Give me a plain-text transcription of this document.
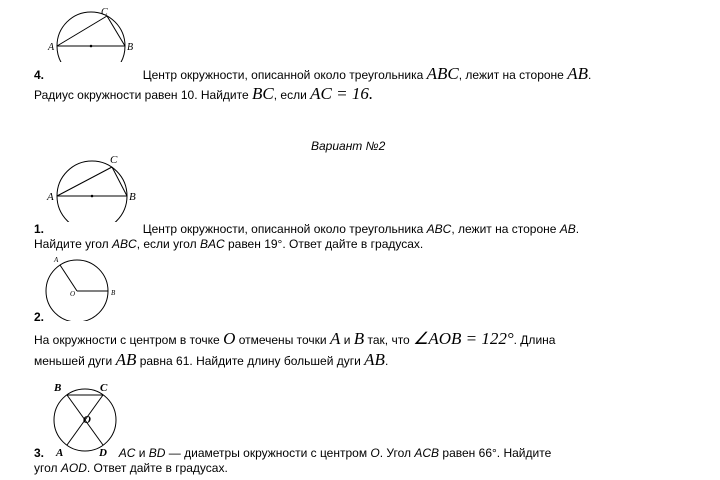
A	B
C
4.	Центр окружности, описанной около треугольника ABC, лежит на стороне AB.
Радиус окружности равен 10. Найдите BC, если AC = 16.
Вариант №2
A	B
C
1.	Центр окружности, описанной около треугольника ABC, лежит на стороне AB.
Найдите угол ABC, если угол BAC равен 19°. Ответ дайте в градусах.
A
O	B
2.
На окружности с центром в точке O отмечены точки A и B так, что ∠AOB = 122°. Длина
меньшей дуги AB равна 61. Найдите длину большей дуги AB.
B	C
O
A	D
3.	AC и BD — диаметры окружности с центром O. Угол ACB равен 66°. Найдите
угол AOD. Ответ дайте в градусах.
